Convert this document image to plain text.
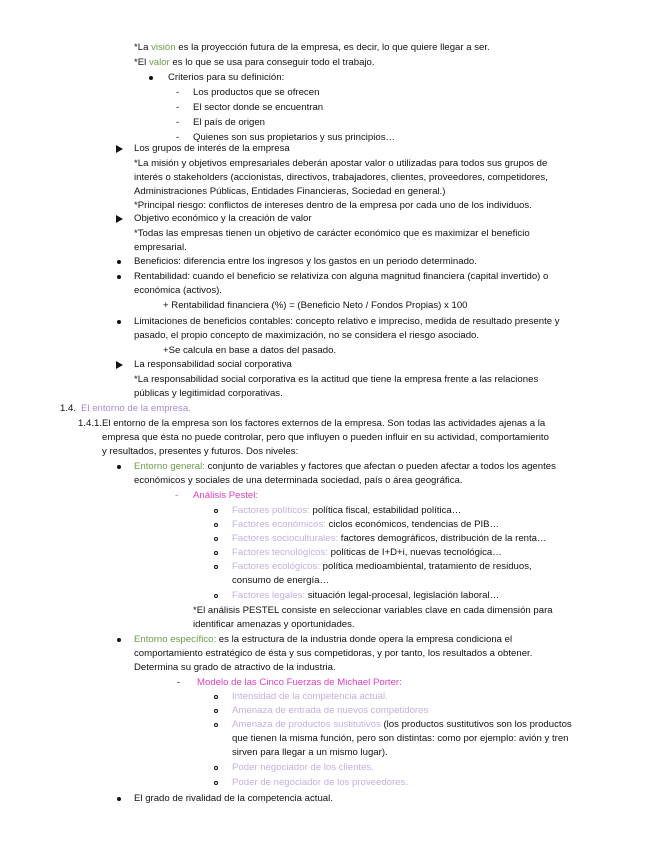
*La visión es la proyección futura de la empresa, es decir, lo que quiere llegar a ser.
*El valor es lo que se usa para conseguir todo el trabajo.
Criterios para su definición:
- Los productos que se ofrecen
- El sector donde se encuentran
- El país de origen
- Quienes son sus propietarios y sus principios…
Los grupos de interés de la empresa
*La misión y objetivos empresariales deberán apostar valor o utilizadas para todos sus grupos de
interés o stakeholders (accionistas, directivos, trabajadores, clientes, proveedores, competidores,
Administraciones Públicas, Entidades Financieras, Sociedad en general.)
*Principal riesgo: conflictos de intereses dentro de la empresa por cada uno de los individuos.
Objetivo económico y la creación de valor
*Todas las empresas tienen un objetivo de carácter económico que es maximizar el beneficio
empresarial.
Beneficios: diferencia entre los ingresos y los gastos en un periodo determinado.
Rentabilidad: cuando el beneficio se relativiza con alguna magnitud financiera (capital invertido) o
económica (activos).
+ Rentabilidad financiera (%) = (Beneficio Neto / Fondos Propias) x 100
Limitaciones de beneficios contables: concepto relativo e impreciso, medida de resultado presente y
pasado, el propio concepto de maximización, no se considera el riesgo asociado.
+Se calcula en base a datos del pasado.
La responsabilidad social corporativa
*La responsabilidad social corporativa es la actitud que tiene la empresa frente a las relaciones
públicas y legitimidad corporativas.
1.4. El entorno de la empresa.
1.4.1. El entorno de la empresa son los factores externos de la empresa. Son todas las actividades ajenas a la
empresa que ésta no puede controlar, pero que influyen o pueden influir en su actividad, comportamiento
y resultados, presentes y futuros. Dos niveles:
Entorno general: conjunto de variables y factores que afectan o pueden afectar a todos los agentes
económicos y sociales de una determinada sociedad, país o área geográfica.
- Análisis Pestel:
Factores políticos: política fiscal, estabilidad política…
Factores económicos: ciclos económicos, tendencias de PIB…
Factores socioculturales: factores demográficos, distribución de la renta…
Factores tecnológicos: políticas de I+D+i, nuevas tecnológica…
Factores ecológicos: política medioambiental, tratamiento de residuos,
consumo de energía…
Factores legales: situación legal-procesal, legislación laboral…
*El análisis PESTEL consiste en seleccionar variables clave en cada dimensión para
identificar amenazas y oportunidades.
Entorno específico: es la estructura de la industria donde opera la empresa condiciona el
comportamiento estratégico de ésta y sus competidoras, y por tanto, los resultados a obtener.
Determina su grado de atractivo de la industria.
- Modelo de las Cinco Fuerzas de Michael Porter:
Intensidad de la competencia actual.
Amenaza de entrada de nuevos competidores
Amenaza de productos sustitutivos (los productos sustitutivos son los productos
que tienen la misma función, pero son distintas: como por ejemplo: avión y tren
sirven para llegar a un mismo lugar).
Poder negociador de los clientes.
Poder de negociador de los proveedores.
El grado de rivalidad de la competencia actual.
